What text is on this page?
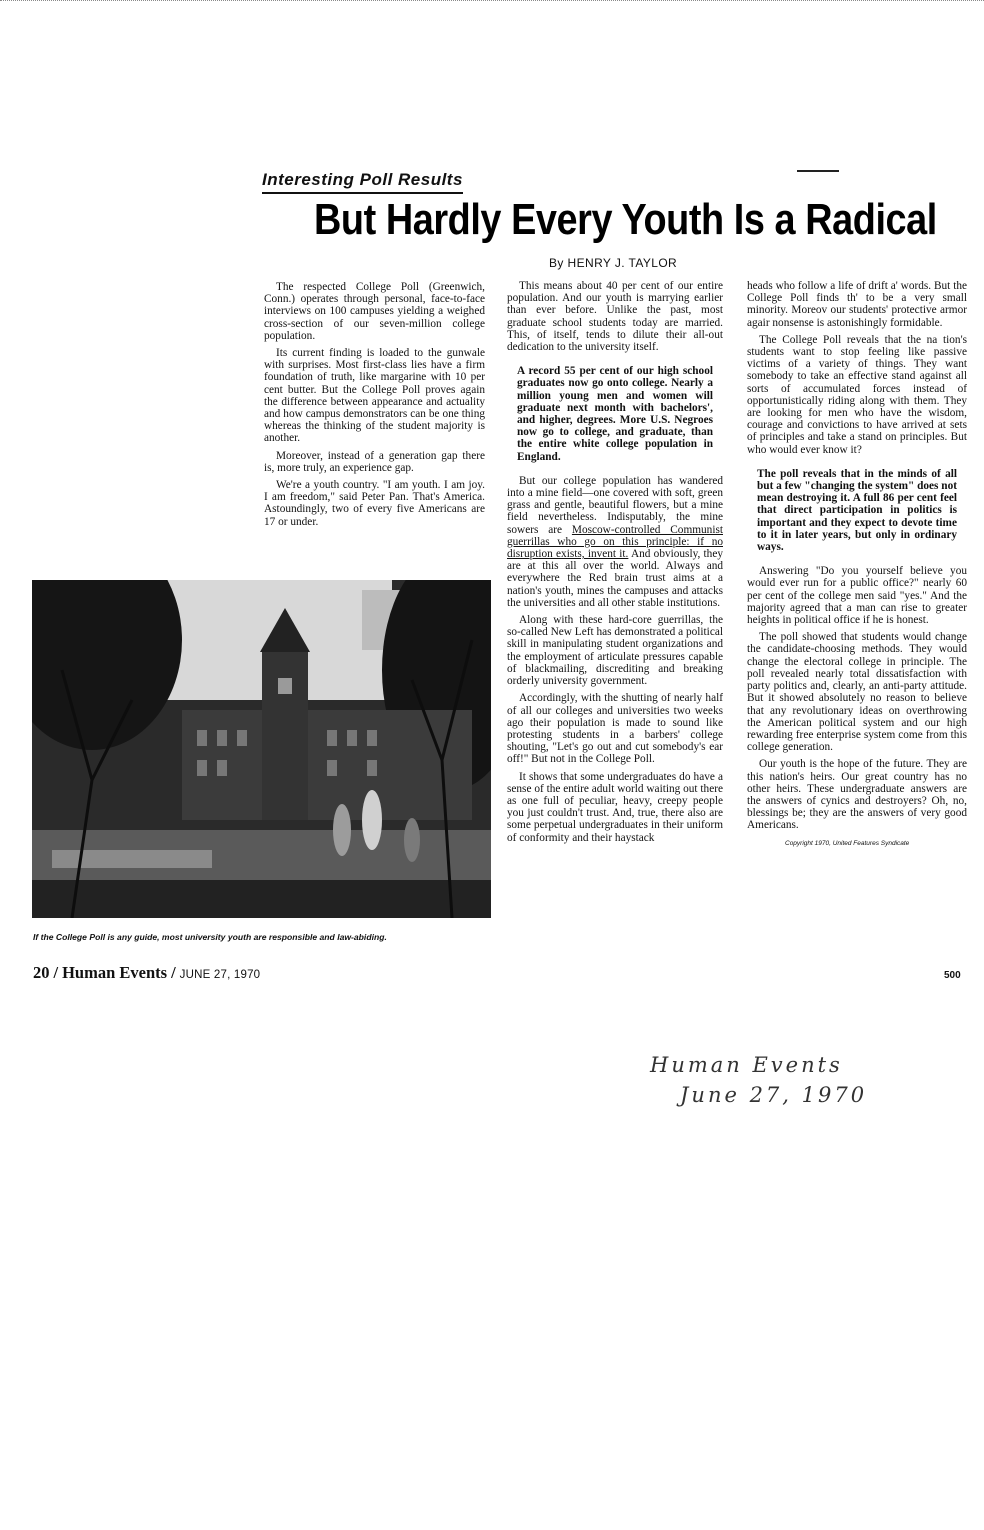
Interesting Poll Results
But Hardly Every Youth Is a Radical
By HENRY J. TAYLOR

The respected College Poll (Greenwich, Conn.) operates through personal, face-to-face interviews on 100 campuses yielding a weighed cross-section of our seven-million college population.

Its current finding is loaded to the gunwale with surprises. Most first-class lies have a firm foundation of truth, like margarine with 10 per cent butter. But the College Poll proves again the difference between appearance and actuality and how campus demonstrators can be one thing whereas the thinking of the student majority is another.

Moreover, instead of a generation gap there is, more truly, an experience gap.

We're a youth country. "I am youth. I am joy. I am freedom," said Peter Pan. That's America. Astoundingly, two of every five Americans are 17 or under.

This means about 40 per cent of our entire population. And our youth is marrying earlier than ever before. Unlike the past, most graduate school students today are married. This, of itself, tends to dilute their all-out dedication to the university itself.

A record 55 per cent of our high school graduates now go onto college. Nearly a million young men and women will graduate next month with bachelors', and higher, degrees. More U.S. Negroes now go to college, and graduate, than the entire white college population in England.

But our college population has wandered into a mine field—one covered with soft, green grass and gentle, beautiful flowers, but a mine field nevertheless. Indisputably, the mine sowers are Moscow-controlled Communist guerrillas who go on this principle: if no disruption exists, invent it. And obviously, they are at this all over the world. Always and everywhere the Red brain trust aims at a nation's youth, mines the campuses and attacks the universities and all other stable institutions.

Along with these hard-core guerrillas, the so-called New Left has demonstrated a political skill in manipulating student organizations and the employment of articulate pressures capable of blackmailing, discrediting and breaking orderly university government.

Accordingly, with the shutting of nearly half of all our colleges and universities two weeks ago their population is made to sound like protesting students in a barbers' college shouting, "Let's go out and cut somebody's ear off!" But not in the College Poll.

It shows that some undergraduates do have a sense of the entire adult world waiting out there as one full of peculiar, heavy, creepy people you just couldn't trust. And, true, there also are some perpetual undergraduates in their uniform of conformity and their haystack

heads who follow a life of drift a' words. But the College Poll finds th' to be a very small minority. Moreov our students' protective armor agair nonsense is astonishingly formidable.

The College Poll reveals that the na tion's students want to stop feeling like passive victims of a variety of things. They want somebody to take an effective stand against all sorts of accumulated forces instead of opportunistically riding along with them. They are looking for men who have the wisdom, courage and convictions to have arrived at sets of principles and take a stand on principles. But who would ever know it?

The poll reveals that in the minds of all but a few "changing the system" does not mean destroying it. A full 86 per cent feel that direct participation in politics is important and they expect to devote time to it in later years, but only in ordinary ways.

Answering "Do you yourself believe you would ever run for a public office?" nearly 60 per cent of the college men said "yes." And the majority agreed that a man can rise to greater heights in political office if he is honest.

The poll showed that students would change the candidate-choosing methods. They would change the electoral college in principle. The poll revealed nearly total dissatisfaction with party politics and, clearly, an anti-party attitude. But it showed absolutely no reason to believe that any revolutionary ideas on overthrowing the American political system and our high rewarding free enterprise system come from this college generation.

Our youth is the hope of the future. They are this nation's heirs. Our great country has no other heirs. These undergraduate answers are the answers of cynics and destroyers? Oh, no, blessings be; they are the answers of very good Americans.

Copyright 1970, United Features Syndicate

If the College Poll is any guide, most university youth are responsible and law-abiding.
20 / Human Events / JUNE 27, 1970	500
Human Events
June 27, 1970
